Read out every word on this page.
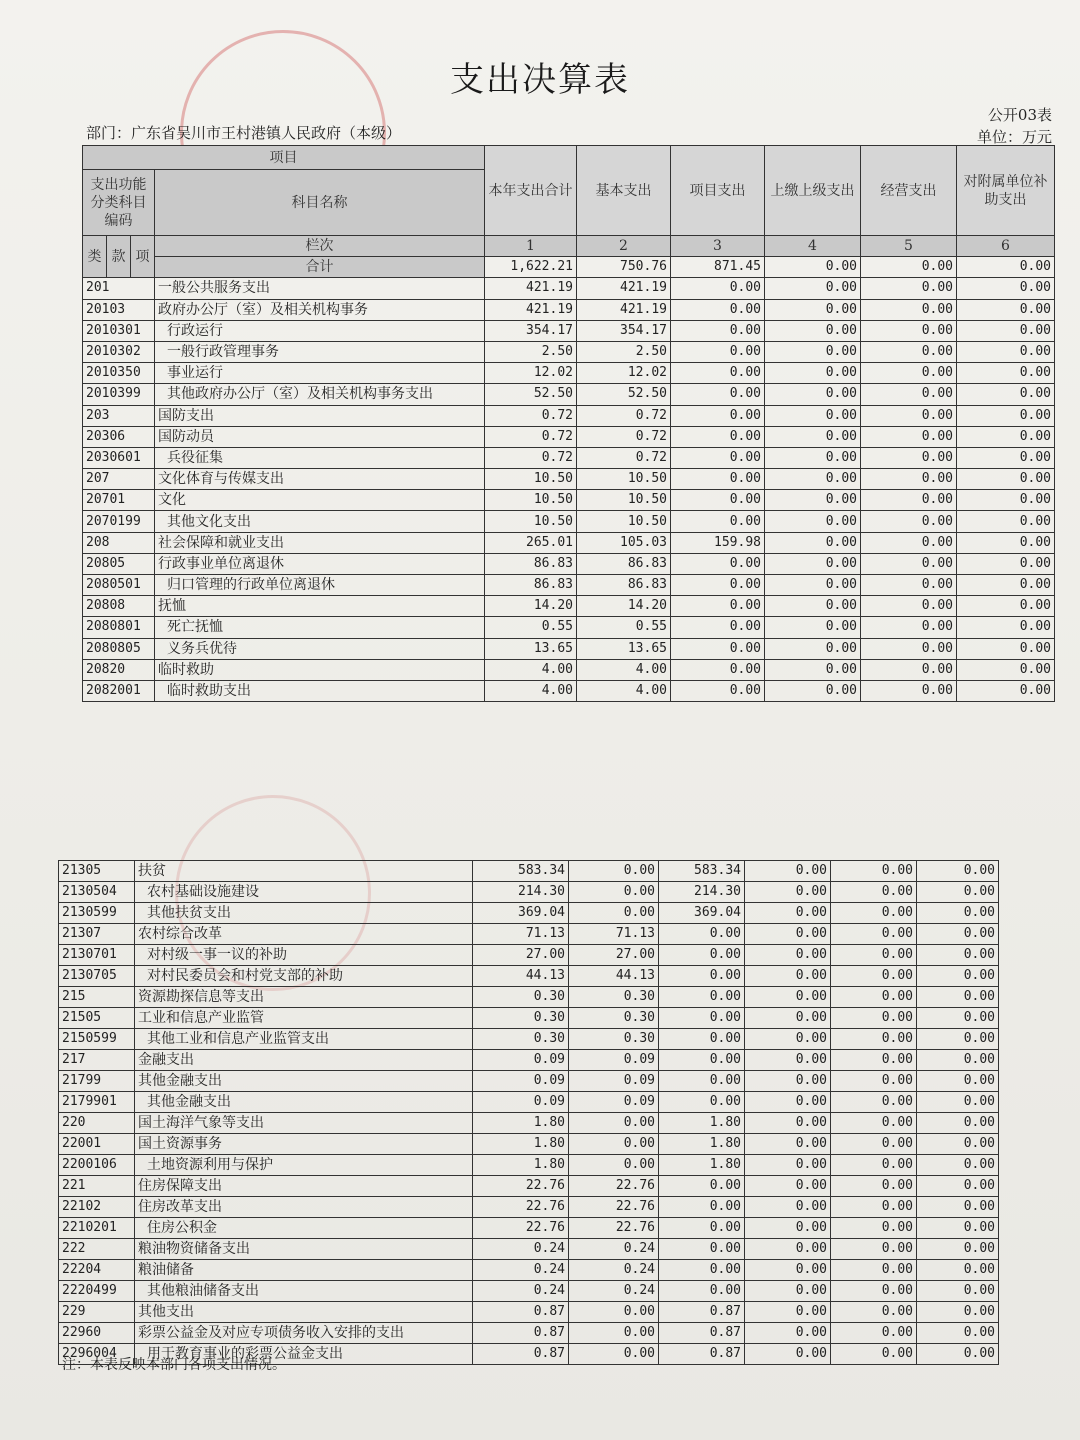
支出决算表
公开03表
单位：万元
部门：广东省吴川市王村港镇人民政府（本级）
项目				本年支出合计	基本支出	项目支出	上缴上级支出	经营支出	对附属单位补助支出
支出功能分类科目编码			科目名称						

类	款	项	栏次	1	2	3	4	5	6
			合计	1,622.21	750.76	871.45	0.00	0.00	0.00
201			一般公共服务支出	421.19	421.19	0.00	0.00	0.00	0.00
20103			政府办公厅（室）及相关机构事务	421.19	421.19	0.00	0.00	0.00	0.00
2010301			行政运行	354.17	354.17	0.00	0.00	0.00	0.00
2010302			一般行政管理事务	2.50	2.50	0.00	0.00	0.00	0.00
2010350			事业运行	12.02	12.02	0.00	0.00	0.00	0.00
2010399			其他政府办公厅（室）及相关机构事务支出	52.50	52.50	0.00	0.00	0.00	0.00
203			国防支出	0.72	0.72	0.00	0.00	0.00	0.00
20306			国防动员	0.72	0.72	0.00	0.00	0.00	0.00
2030601			兵役征集	0.72	0.72	0.00	0.00	0.00	0.00
207			文化体育与传媒支出	10.50	10.50	0.00	0.00	0.00	0.00
20701			文化	10.50	10.50	0.00	0.00	0.00	0.00
2070199			其他文化支出	10.50	10.50	0.00	0.00	0.00	0.00
208			社会保障和就业支出	265.01	105.03	159.98	0.00	0.00	0.00
20805			行政事业单位离退休	86.83	86.83	0.00	0.00	0.00	0.00
2080501			归口管理的行政单位离退休	86.83	86.83	0.00	0.00	0.00	0.00
20808			抚恤	14.20	14.20	0.00	0.00	0.00	0.00
2080801			死亡抚恤	0.55	0.55	0.00	0.00	0.00	0.00
2080805			义务兵优待	13.65	13.65	0.00	0.00	0.00	0.00
20820			临时救助	4.00	4.00	0.00	0.00	0.00	0.00
2082001			临时救助支出	4.00	4.00	0.00	0.00	0.00	0.00
21305	扶贫	583.34	0.00	583.34	0.00	0.00	0.00
2130504	农村基础设施建设	214.30	0.00	214.30	0.00	0.00	0.00
2130599	其他扶贫支出	369.04	0.00	369.04	0.00	0.00	0.00
21307	农村综合改革	71.13	71.13	0.00	0.00	0.00	0.00
2130701	对村级一事一议的补助	27.00	27.00	0.00	0.00	0.00	0.00
2130705	对村民委员会和村党支部的补助	44.13	44.13	0.00	0.00	0.00	0.00
215	资源勘探信息等支出	0.30	0.30	0.00	0.00	0.00	0.00
21505	工业和信息产业监管	0.30	0.30	0.00	0.00	0.00	0.00
2150599	其他工业和信息产业监管支出	0.30	0.30	0.00	0.00	0.00	0.00
217	金融支出	0.09	0.09	0.00	0.00	0.00	0.00
21799	其他金融支出	0.09	0.09	0.00	0.00	0.00	0.00
2179901	其他金融支出	0.09	0.09	0.00	0.00	0.00	0.00
220	国土海洋气象等支出	1.80	0.00	1.80	0.00	0.00	0.00
22001	国土资源事务	1.80	0.00	1.80	0.00	0.00	0.00
2200106	土地资源利用与保护	1.80	0.00	1.80	0.00	0.00	0.00
221	住房保障支出	22.76	22.76	0.00	0.00	0.00	0.00
22102	住房改革支出	22.76	22.76	0.00	0.00	0.00	0.00
2210201	住房公积金	22.76	22.76	0.00	0.00	0.00	0.00
222	粮油物资储备支出	0.24	0.24	0.00	0.00	0.00	0.00
22204	粮油储备	0.24	0.24	0.00	0.00	0.00	0.00
2220499	其他粮油储备支出	0.24	0.24	0.00	0.00	0.00	0.00
229	其他支出	0.87	0.00	0.87	0.00	0.00	0.00
22960	彩票公益金及对应专项债务收入安排的支出	0.87	0.00	0.87	0.00	0.00	0.00
2296004	用于教育事业的彩票公益金支出	0.87	0.00	0.87	0.00	0.00	0.00
注：本表反映本部门各项支出情况。
